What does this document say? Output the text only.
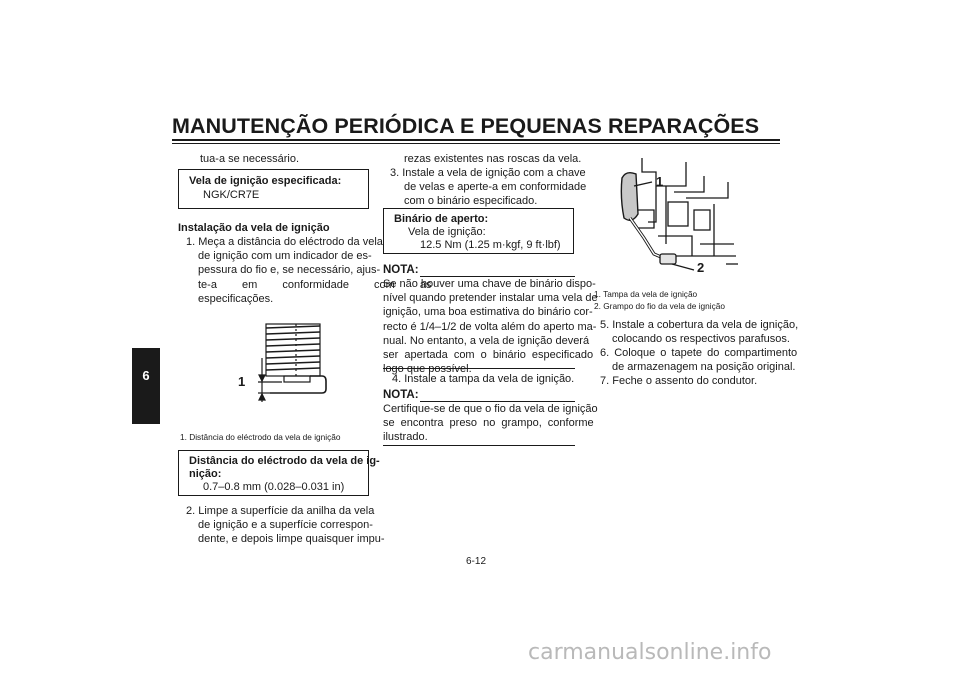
MANUTENÇÃO PERIÓDICA E PEQUENAS REPARAÇÕES
6
tua-a se necessário.
Vela de ignição especificada:
NGK/CR7E
Instalação da vela de ignição
1. Meça a distância do eléctrodo da vela
de ignição com um indicador de es-
pessura do fio e, se necessário, ajus-
te-a em conformidade com as
especificações.
1
1. Distância do eléctrodo da vela de ignição
Distância do eléctrodo da vela de ig-
nição:
0.7–0.8 mm (0.028–0.031 in)
2. Limpe a superfície da anilha da vela
de ignição e a superfície correspon-
dente, e depois limpe quaisquer impu-
rezas existentes nas roscas da vela.
3. Instale a vela de ignição com a chave
de velas e aperte-a em conformidade
com o binário especificado.
Binário de aperto:
Vela de ignição:
12.5 Nm (1.25 m·kgf, 9 ft·lbf)
NOTA:
Se não houver uma chave de binário dispo-
nível quando pretender instalar uma vela de
ignição, uma boa estimativa do binário cor-
recto é 1/4–1/2 de volta além do aperto ma-
nual. No entanto, a vela de ignição deverá
ser apertada com o binário especificado
logo que possível.
4. Instale a tampa da vela de ignição.
NOTA:
Certifique-se de que o fio da vela de ignição
se encontra preso no grampo, conforme
ilustrado.
1
2
1. Tampa da vela de ignição
2. Grampo do fio da vela de ignição
5. Instale a cobertura da vela de ignição,
colocando os respectivos parafusos.
6. Coloque o tapete do compartimento
de armazenagem na posição original.
7. Feche o assento do condutor.
6-12
carmanualsonline.info
